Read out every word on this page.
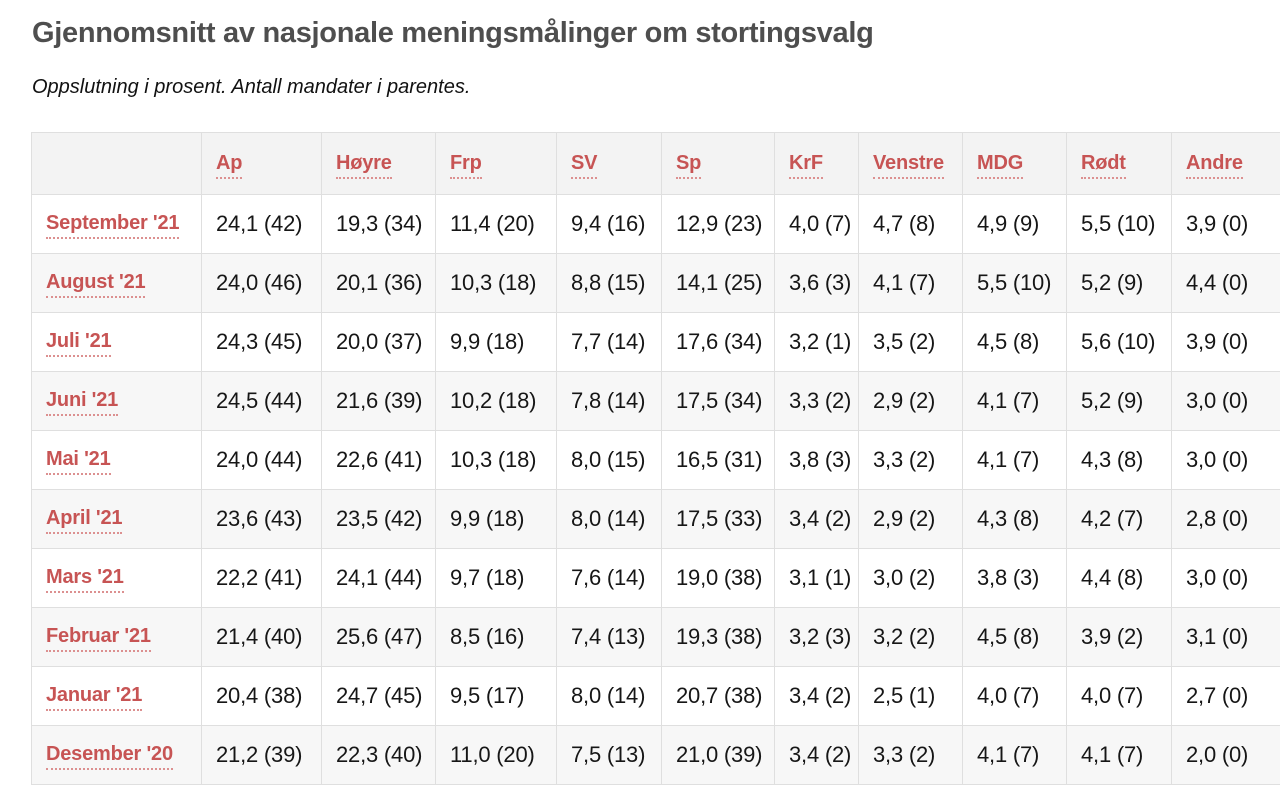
Gjennomsnitt av nasjonale meningsmålinger om stortingsvalg

Oppslutning i prosent. Antall mandater i parentes.

	Ap	Høyre	Frp	SV	Sp	KrF	Venstre	MDG	Rødt	Andre
September '21	24,1 (42)	19,3 (34)	11,4 (20)	9,4 (16)	12,9 (23)	4,0 (7)	4,7 (8)	4,9 (9)	5,5 (10)	3,9 (0)
August '21	24,0 (46)	20,1 (36)	10,3 (18)	8,8 (15)	14,1 (25)	3,6 (3)	4,1 (7)	5,5 (10)	5,2 (9)	4,4 (0)
Juli '21	24,3 (45)	20,0 (37)	9,9 (18)	7,7 (14)	17,6 (34)	3,2 (1)	3,5 (2)	4,5 (8)	5,6 (10)	3,9 (0)
Juni '21	24,5 (44)	21,6 (39)	10,2 (18)	7,8 (14)	17,5 (34)	3,3 (2)	2,9 (2)	4,1 (7)	5,2 (9)	3,0 (0)
Mai '21	24,0 (44)	22,6 (41)	10,3 (18)	8,0 (15)	16,5 (31)	3,8 (3)	3,3 (2)	4,1 (7)	4,3 (8)	3,0 (0)
April '21	23,6 (43)	23,5 (42)	9,9 (18)	8,0 (14)	17,5 (33)	3,4 (2)	2,9 (2)	4,3 (8)	4,2 (7)	2,8 (0)
Mars '21	22,2 (41)	24,1 (44)	9,7 (18)	7,6 (14)	19,0 (38)	3,1 (1)	3,0 (2)	3,8 (3)	4,4 (8)	3,0 (0)
Februar '21	21,4 (40)	25,6 (47)	8,5 (16)	7,4 (13)	19,3 (38)	3,2 (3)	3,2 (2)	4,5 (8)	3,9 (2)	3,1 (0)
Januar '21	20,4 (38)	24,7 (45)	9,5 (17)	8,0 (14)	20,7 (38)	3,4 (2)	2,5 (1)	4,0 (7)	4,0 (7)	2,7 (0)
Desember '20	21,2 (39)	22,3 (40)	11,0 (20)	7,5 (13)	21,0 (39)	3,4 (2)	3,3 (2)	4,1 (7)	4,1 (7)	2,0 (0)
